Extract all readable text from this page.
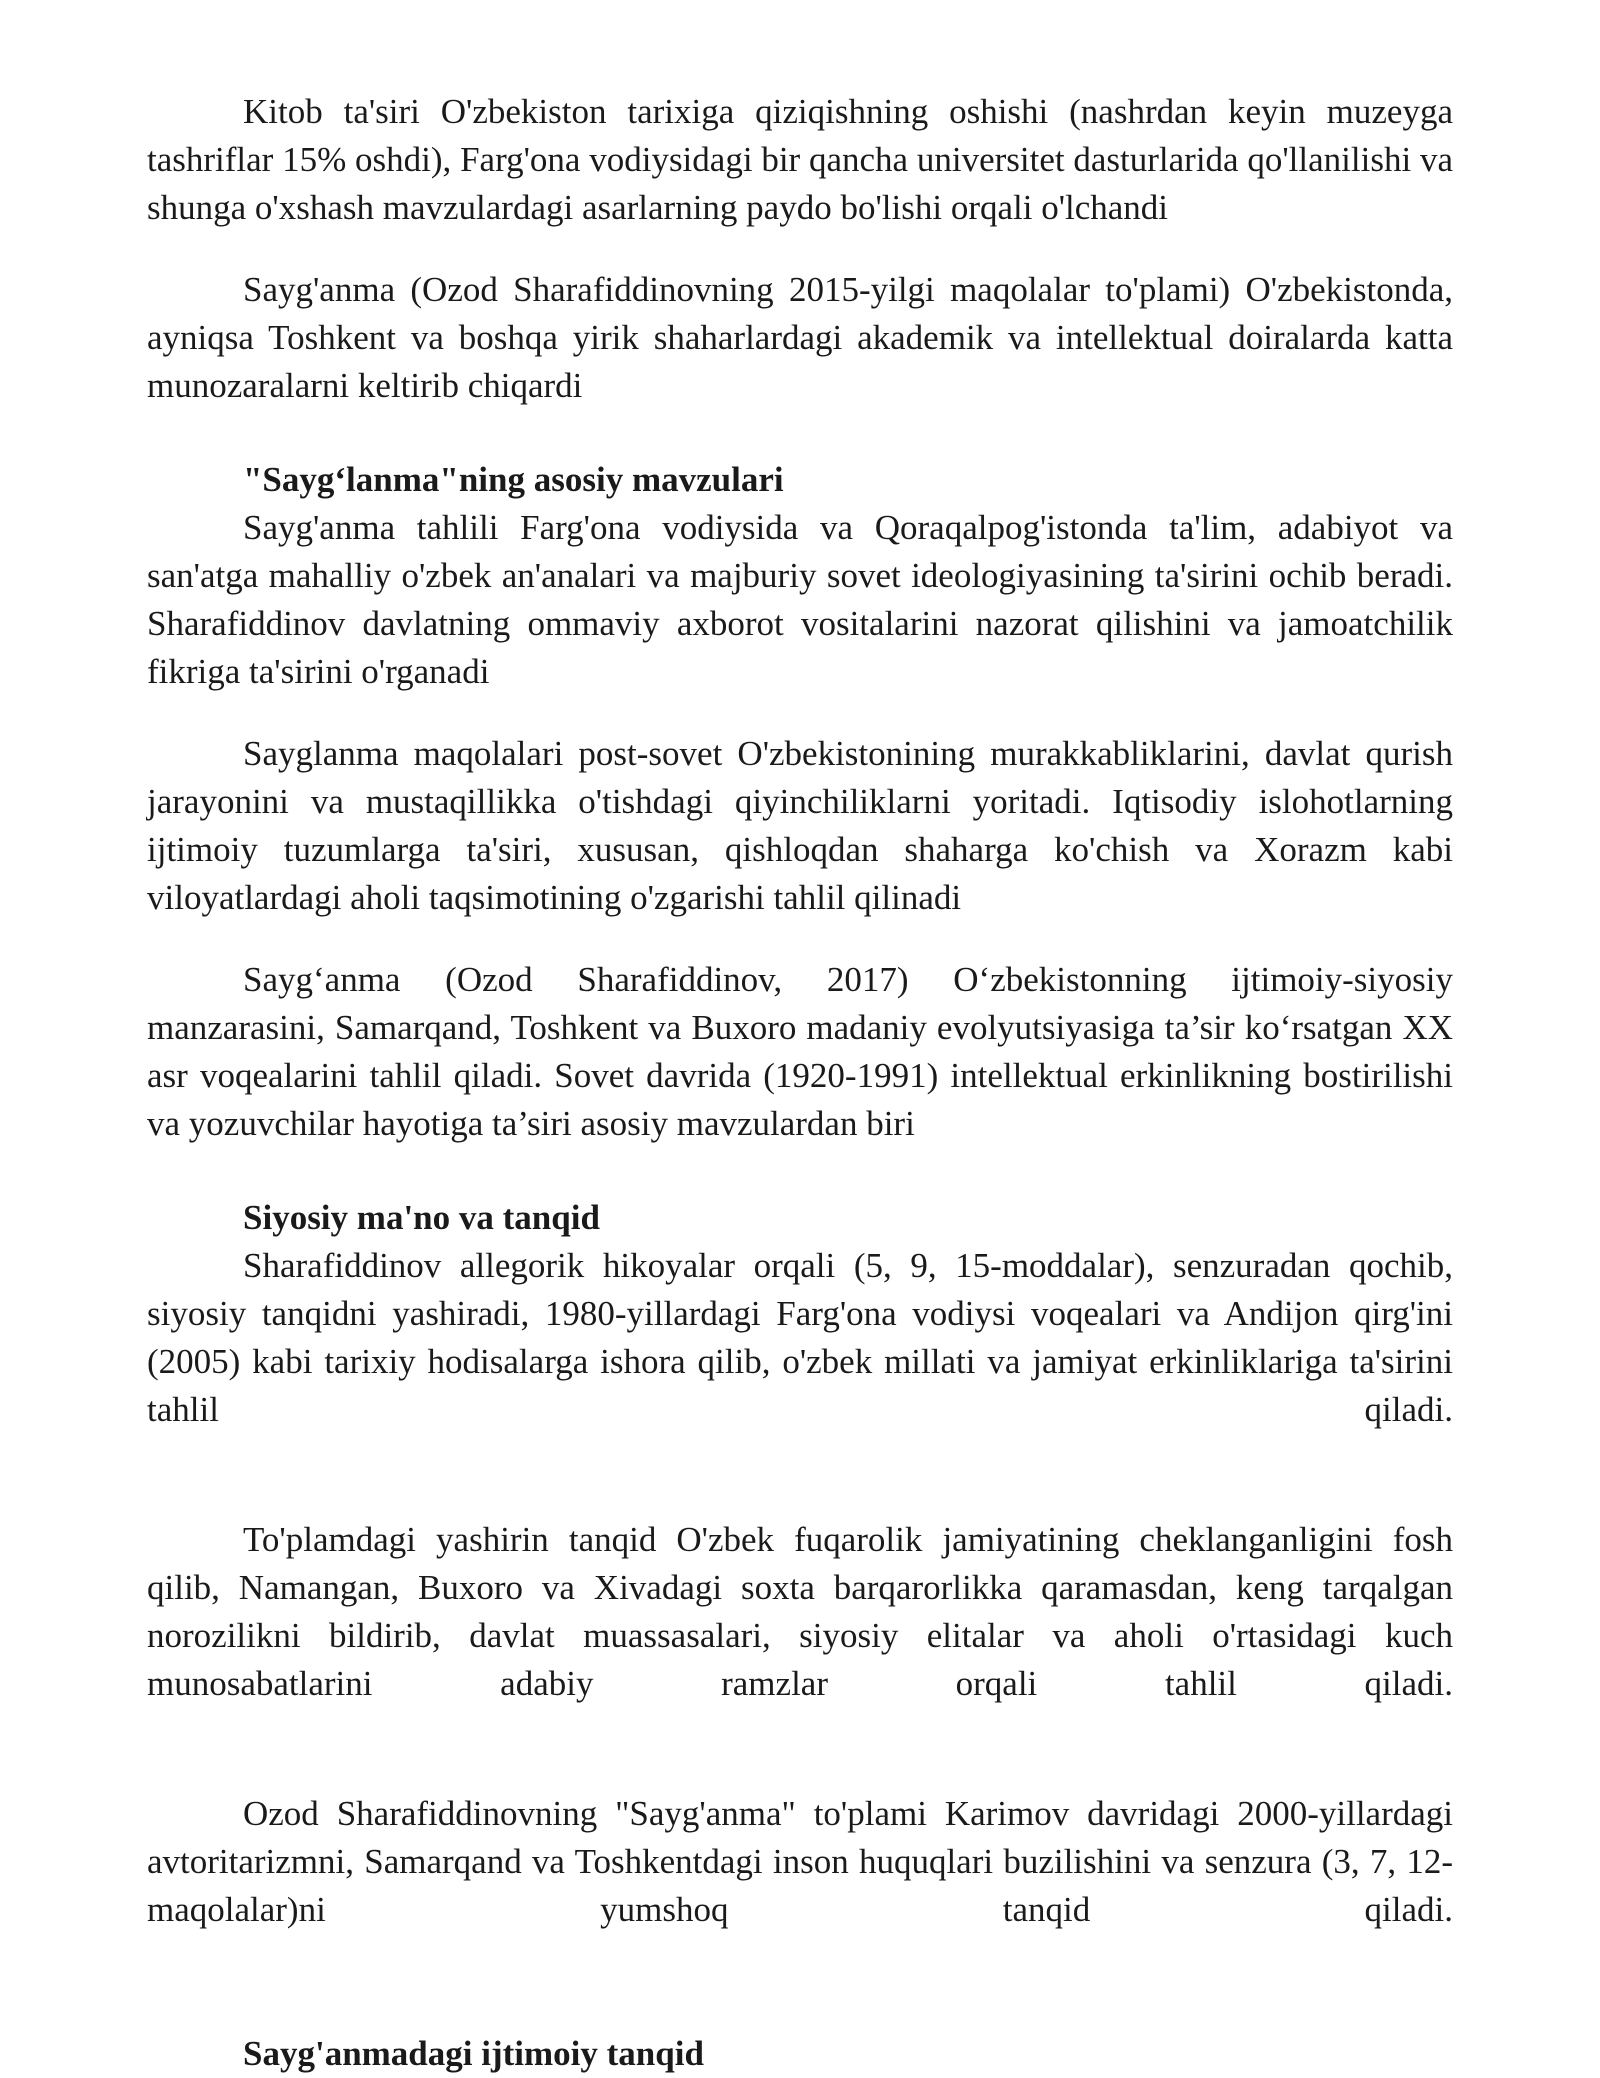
Kitob ta'siri O'zbekiston tarixiga qiziqishning oshishi (nashrdan keyin muzeyga tashriflar 15% oshdi), Farg'ona vodiysidagi bir qancha universitet dasturlarida qo'llanilishi va shunga o'xshash mavzulardagi asarlarning paydo bo'lishi orqali o'lchandi

Sayg'anma (Ozod Sharafiddinovning 2015-yilgi maqolalar to'plami) O'zbekistonda, ayniqsa Toshkent va boshqa yirik shaharlardagi akademik va intellektual doiralarda katta munozaralarni keltirib chiqardi

"Sayg‘lanma"ning asosiy mavzulari

Sayg'anma tahlili Farg'ona vodiysida va Qoraqalpog'istonda ta'lim, adabiyot va san'atga mahalliy o'zbek an'analari va majburiy sovet ideologiyasining ta'sirini ochib beradi. Sharafiddinov davlatning ommaviy axborot vositalarini nazorat qilishini va jamoatchilik fikriga ta'sirini o'rganadi

Sayglanma maqolalari post-sovet O'zbekistonining murakkabliklarini, davlat qurish jarayonini va mustaqillikka o'tishdagi qiyinchiliklarni yoritadi. Iqtisodiy islohotlarning ijtimoiy tuzumlarga ta'siri, xususan, qishloqdan shaharga ko'chish va Xorazm kabi viloyatlardagi aholi taqsimotining o'zgarishi tahlil qilinadi

Sayg‘anma (Ozod Sharafiddinov, 2017) O‘zbekistonning ijtimoiy-siyosiy manzarasini, Samarqand, Toshkent va Buxoro madaniy evolyutsiyasiga ta’sir ko‘rsatgan XX asr voqealarini tahlil qiladi. Sovet davrida (1920-1991) intellektual erkinlikning bostirilishi va yozuvchilar hayotiga ta’siri asosiy mavzulardan biri

Siyosiy ma'no va tanqid

Sharafiddinov allegorik hikoyalar orqali (5, 9, 15-moddalar), senzuradan qochib, siyosiy tanqidni yashiradi, 1980-yillardagi Farg'ona vodiysi voqealari va Andijon qirg'ini (2005) kabi tarixiy hodisalarga ishora qilib, o'zbek millati va jamiyat erkinliklariga ta'sirini tahlil qiladi.

To'plamdagi yashirin tanqid O'zbek fuqarolik jamiyatining cheklanganligini fosh qilib, Namangan, Buxoro va Xivadagi soxta barqarorlikka qaramasdan, keng tarqalgan norozilikni bildirib, davlat muassasalari, siyosiy elitalar va aholi o'rtasidagi kuch munosabatlarini adabiy ramzlar orqali tahlil qiladi.

Ozod Sharafiddinovning "Sayg'anma" to'plami Karimov davridagi 2000-yillardagi avtoritarizmni, Samarqand va Toshkentdagi inson huquqlari buzilishini va senzura (3, 7, 12-maqolalar)ni yumshoq tanqid qiladi.

Sayg'anmadagi ijtimoiy tanqid
